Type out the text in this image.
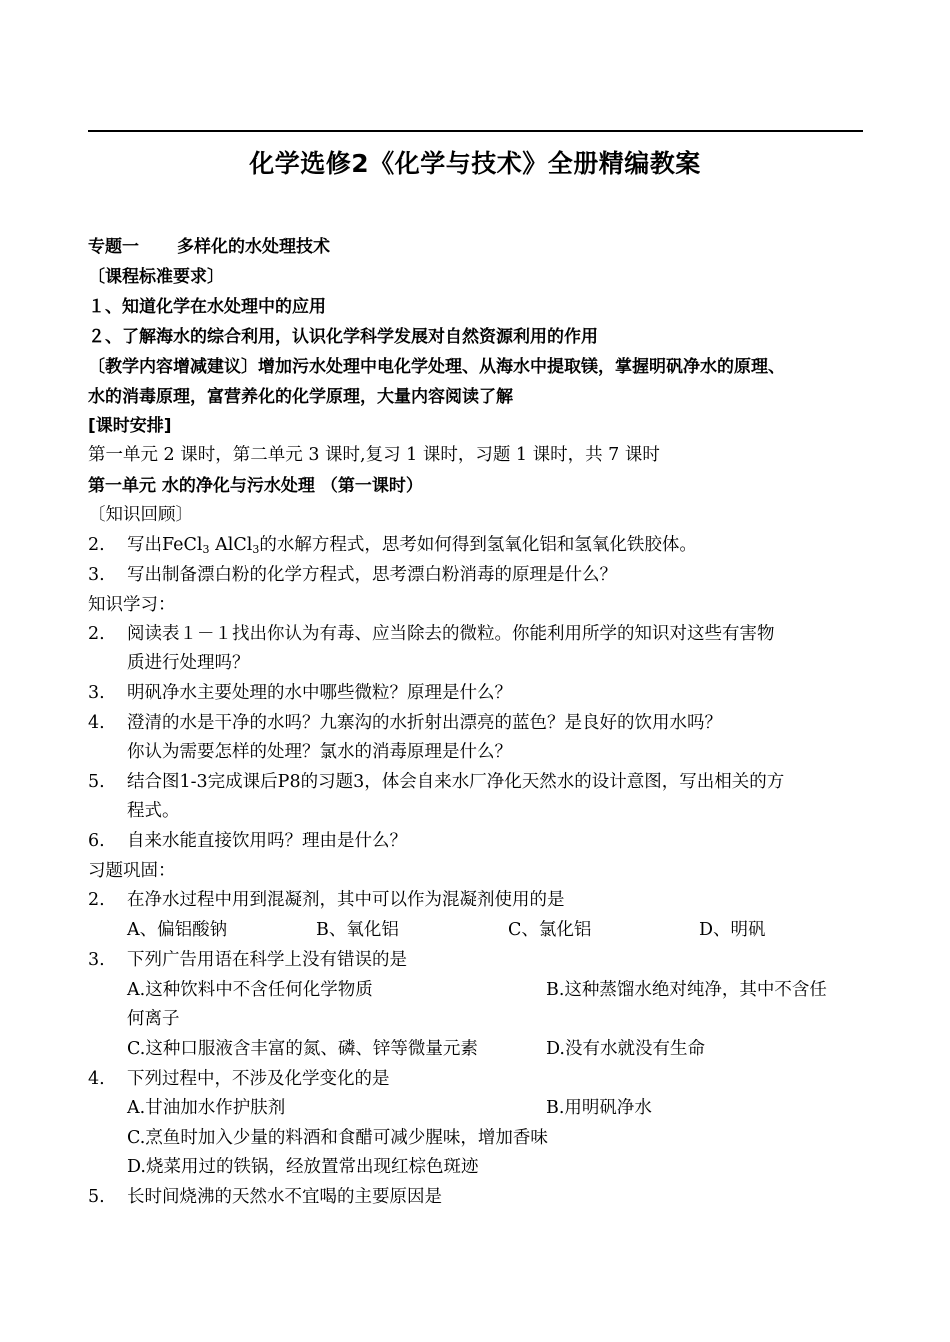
化学选修2《化学与技术》全册精编教案
专题一 多样化的水处理技术
〔课程标准要求〕
１、知道化学在水处理中的应用
２、了解海水的综合利用，认识化学科学发展对自然资源利用的作用
〔教学内容增减建议〕增加污水处理中电化学处理、从海水中提取镁，掌握明矾净水的原理、
水的消毒原理，富营养化的化学原理，大量内容阅读了解
[课时安排]
第一单元 2 课时，第二单元 3 课时,复习 1 课时，习题 1 课时，共 7 课时
第一单元 水的净化与污水处理 （第一课时）
〔知识回顾〕
2. 写出FeCl$_3$ AlCl$_3$的水解方程式，思考如何得到氢氧化铝和氢氧化铁胶体。
3. 写出制备漂白粉的化学方程式，思考漂白粉消毒的原理是什么？
知识学习：
2. 阅读表１－１找出你认为有毒、应当除去的微粒。你能利用所学的知识对这些有害物
质进行处理吗？
3. 明矾净水主要处理的水中哪些微粒？原理是什么？
4. 澄清的水是干净的水吗？九寨沟的水折射出漂亮的蓝色？是良好的饮用水吗？
你认为需要怎样的处理？氯水的消毒原理是什么？
5. 结合图1-3完成课后P8的习题3，体会自来水厂净化天然水的设计意图，写出相关的方
程式。
6. 自来水能直接饮用吗？理由是什么？
习题巩固：
2. 在净水过程中用到混凝剂，其中可以作为混凝剂使用的是
A、偏铝酸钠	B、氧化铝	C、氯化铝	D、明矾
3. 下列广告用语在科学上没有错误的是
A.这种饮料中不含任何化学物质	B.这种蒸馏水绝对纯净，其中不含任
何离子
C.这种口服液含丰富的氮、磷、锌等微量元素	D.没有水就没有生命
4. 下列过程中，不涉及化学变化的是
A.甘油加水作护肤剂	B.用明矾净水
C.烹鱼时加入少量的料酒和食醋可减少腥味，增加香味
D.烧菜用过的铁锅，经放置常出现红棕色斑迹
5. 长时间烧沸的天然水不宜喝的主要原因是
